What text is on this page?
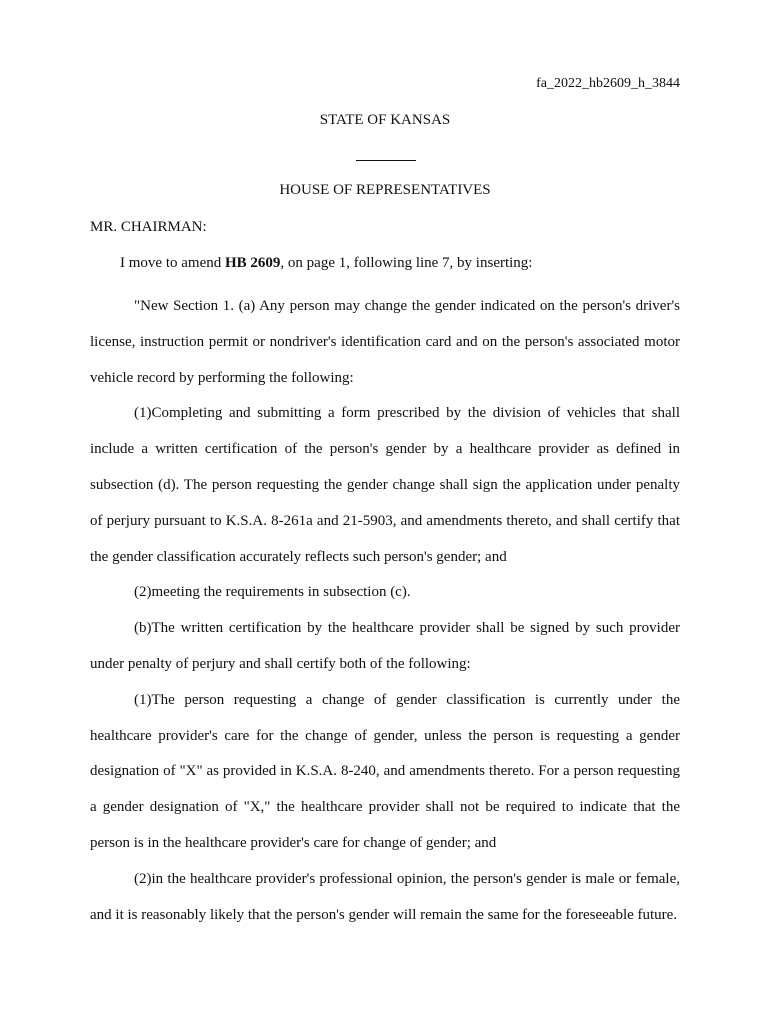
fa_2022_hb2609_h_3844
STATE OF KANSAS
HOUSE OF REPRESENTATIVES
MR. CHAIRMAN:
I move to amend HB 2609, on page 1, following line 7, by inserting:

"New Section 1. (a) Any person may change the gender indicated on the person's driver's license, instruction permit or nondriver's identification card and on the person's associated motor vehicle record by performing the following:

(1)Completing and submitting a form prescribed by the division of vehicles that shall include a written certification of the person's gender by a healthcare provider as defined in subsection (d). The person requesting the gender change shall sign the application under penalty of perjury pursuant to K.S.A. 8-261a and 21-5903, and amendments thereto, and shall certify that the gender classification accurately reflects such person's gender; and

(2)meeting the requirements in subsection (c).

(b)The written certification by the healthcare provider shall be signed by such provider under penalty of perjury and shall certify both of the following:

(1)The person requesting a change of gender classification is currently under the healthcare provider's care for the change of gender, unless the person is requesting a gender designation of "X" as provided in K.S.A. 8-240, and amendments thereto. For a person requesting a gender designation of "X," the healthcare provider shall not be required to indicate that the person is in the healthcare provider's care for change of gender; and

(2)in the healthcare provider's professional opinion, the person's gender is male or female, and it is reasonably likely that the person's gender will remain the same for the foreseeable future.
